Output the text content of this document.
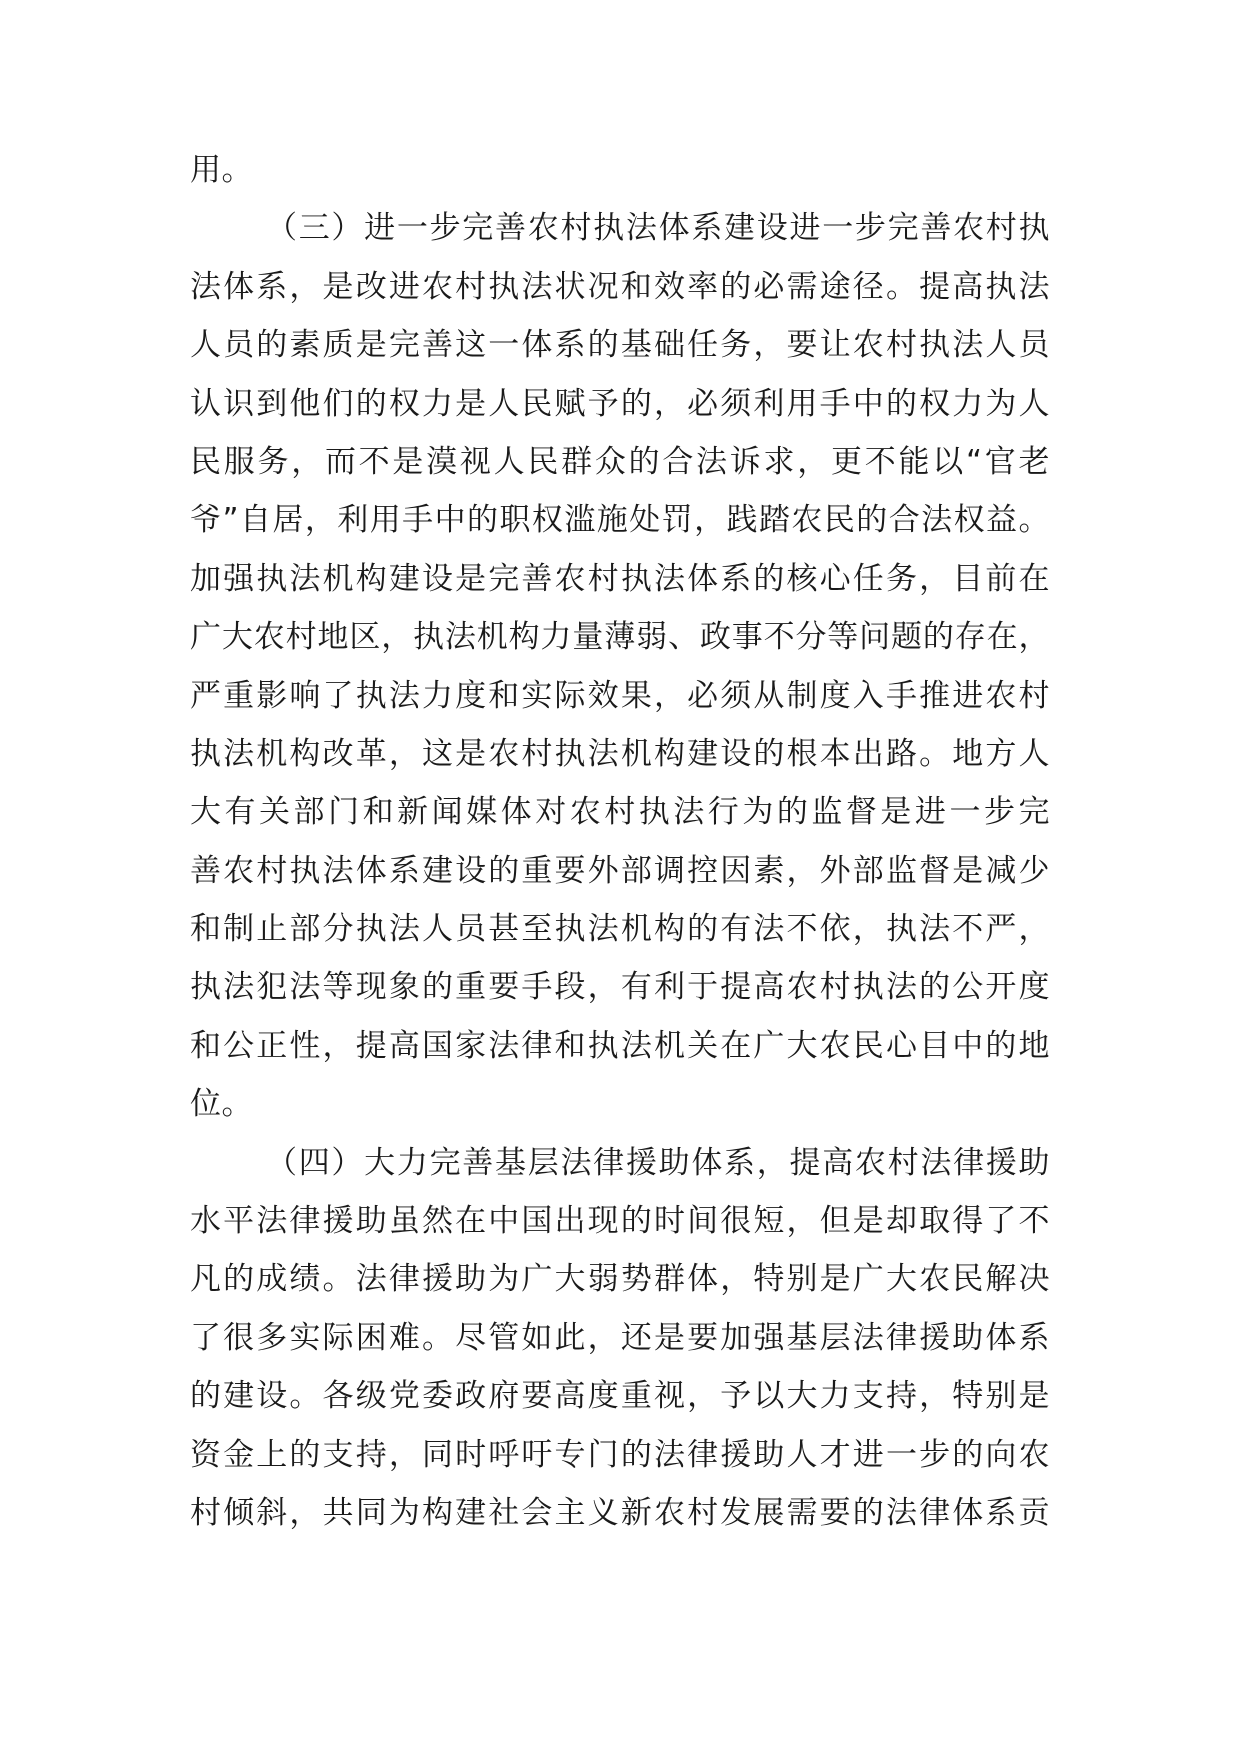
用。
（三）进一步完善农村执法体系建设进一步完善农村执
法体系，是改进农村执法状况和效率的必需途径。提高执法
人员的素质是完善这一体系的基础任务，要让农村执法人员
认识到他们的权力是人民赋予的，必须利用手中的权力为人
民服务，而不是漠视人民群众的合法诉求，更不能以“官老
爷”自居，利用手中的职权滥施处罚，践踏农民的合法权益。
加强执法机构建设是完善农村执法体系的核心任务，目前在
广大农村地区，执法机构力量薄弱、政事不分等问题的存在，
严重影响了执法力度和实际效果，必须从制度入手推进农村
执法机构改革，这是农村执法机构建设的根本出路。地方人
大有关部门和新闻媒体对农村执法行为的监督是进一步完
善农村执法体系建设的重要外部调控因素，外部监督是减少
和制止部分执法人员甚至执法机构的有法不依，执法不严，
执法犯法等现象的重要手段，有利于提高农村执法的公开度
和公正性，提高国家法律和执法机关在广大农民心目中的地
位。
（四）大力完善基层法律援助体系，提高农村法律援助
水平法律援助虽然在中国出现的时间很短，但是却取得了不
凡的成绩。法律援助为广大弱势群体，特别是广大农民解决
了很多实际困难。尽管如此，还是要加强基层法律援助体系
的建设。各级党委政府要高度重视，予以大力支持，特别是
资金上的支持，同时呼吁专门的法律援助人才进一步的向农
村倾斜，共同为构建社会主义新农村发展需要的法律体系贡
